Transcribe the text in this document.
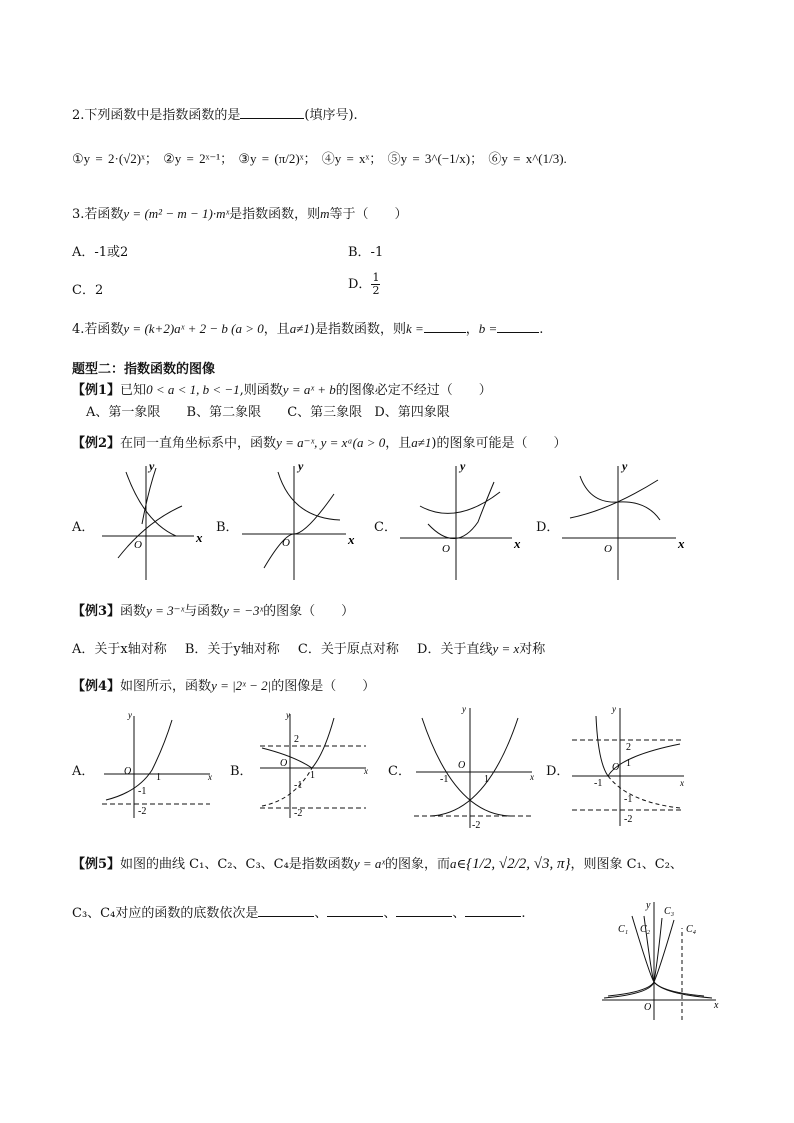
2.下列函数中是指数函数的是	(填序号).
①y = 2·(√2)ˣ； ②y = 2ˣ⁻¹； ③y = (π/2)ˣ； ④y = xˣ； ⑤y = 3^(−1/x)； ⑥y = x^(1/3).
3.若函数y = (m² − m − 1)·mˣ是指数函数，则m等于（　　）
A．-1或2	B．-1
C．2	D． $\frac{1}{2}$
4.若函数y = (k+2)aˣ + 2 − b (a > 0，且a≠1)是指数函数，则k =	，b =	.
题型二：指数函数的图像
【例1】已知0 < a < 1, b < −1,则函数y = aˣ + b的图像必定不经过（　　）
A、第一象限 B、第二象限 C、第三象限 D、第四象限
【例2】在同一直角坐标系中，函数y = a⁻ˣ, y = xᵃ(a > 0，且a≠1)的图象可能是（　　）
A．
y
x
O
B．
y
x
O
C．
y
x
O
D．
y
x
O
【例3】函数y = 3⁻ˣ与函数y = −3ˣ的图象（　　）
A．关于x轴对称 B．关于y轴对称 C．关于原点对称 D．关于直线y = x对称
【例4】如图所示，函数y = |2ˣ − 2|的图像是（　　）
A．
y
x
O
1
-1
-2
B．
y
x
O
1
2
-1
-2
C．
y
x
O
1
-1
-2
D．
y
x
O
2
1
-1
-1
-2
【例5】如图的曲线 C₁、C₂、C₃、C₄是指数函数y = aˣ的图象，而a∈{1/2, √2/2, √3, π}，则图象 C₁、C₂、
C₃、C₄对应的函数的底数依次是	、	、	、	.
y
x
O
C₁ C₂
C₃
C₄
